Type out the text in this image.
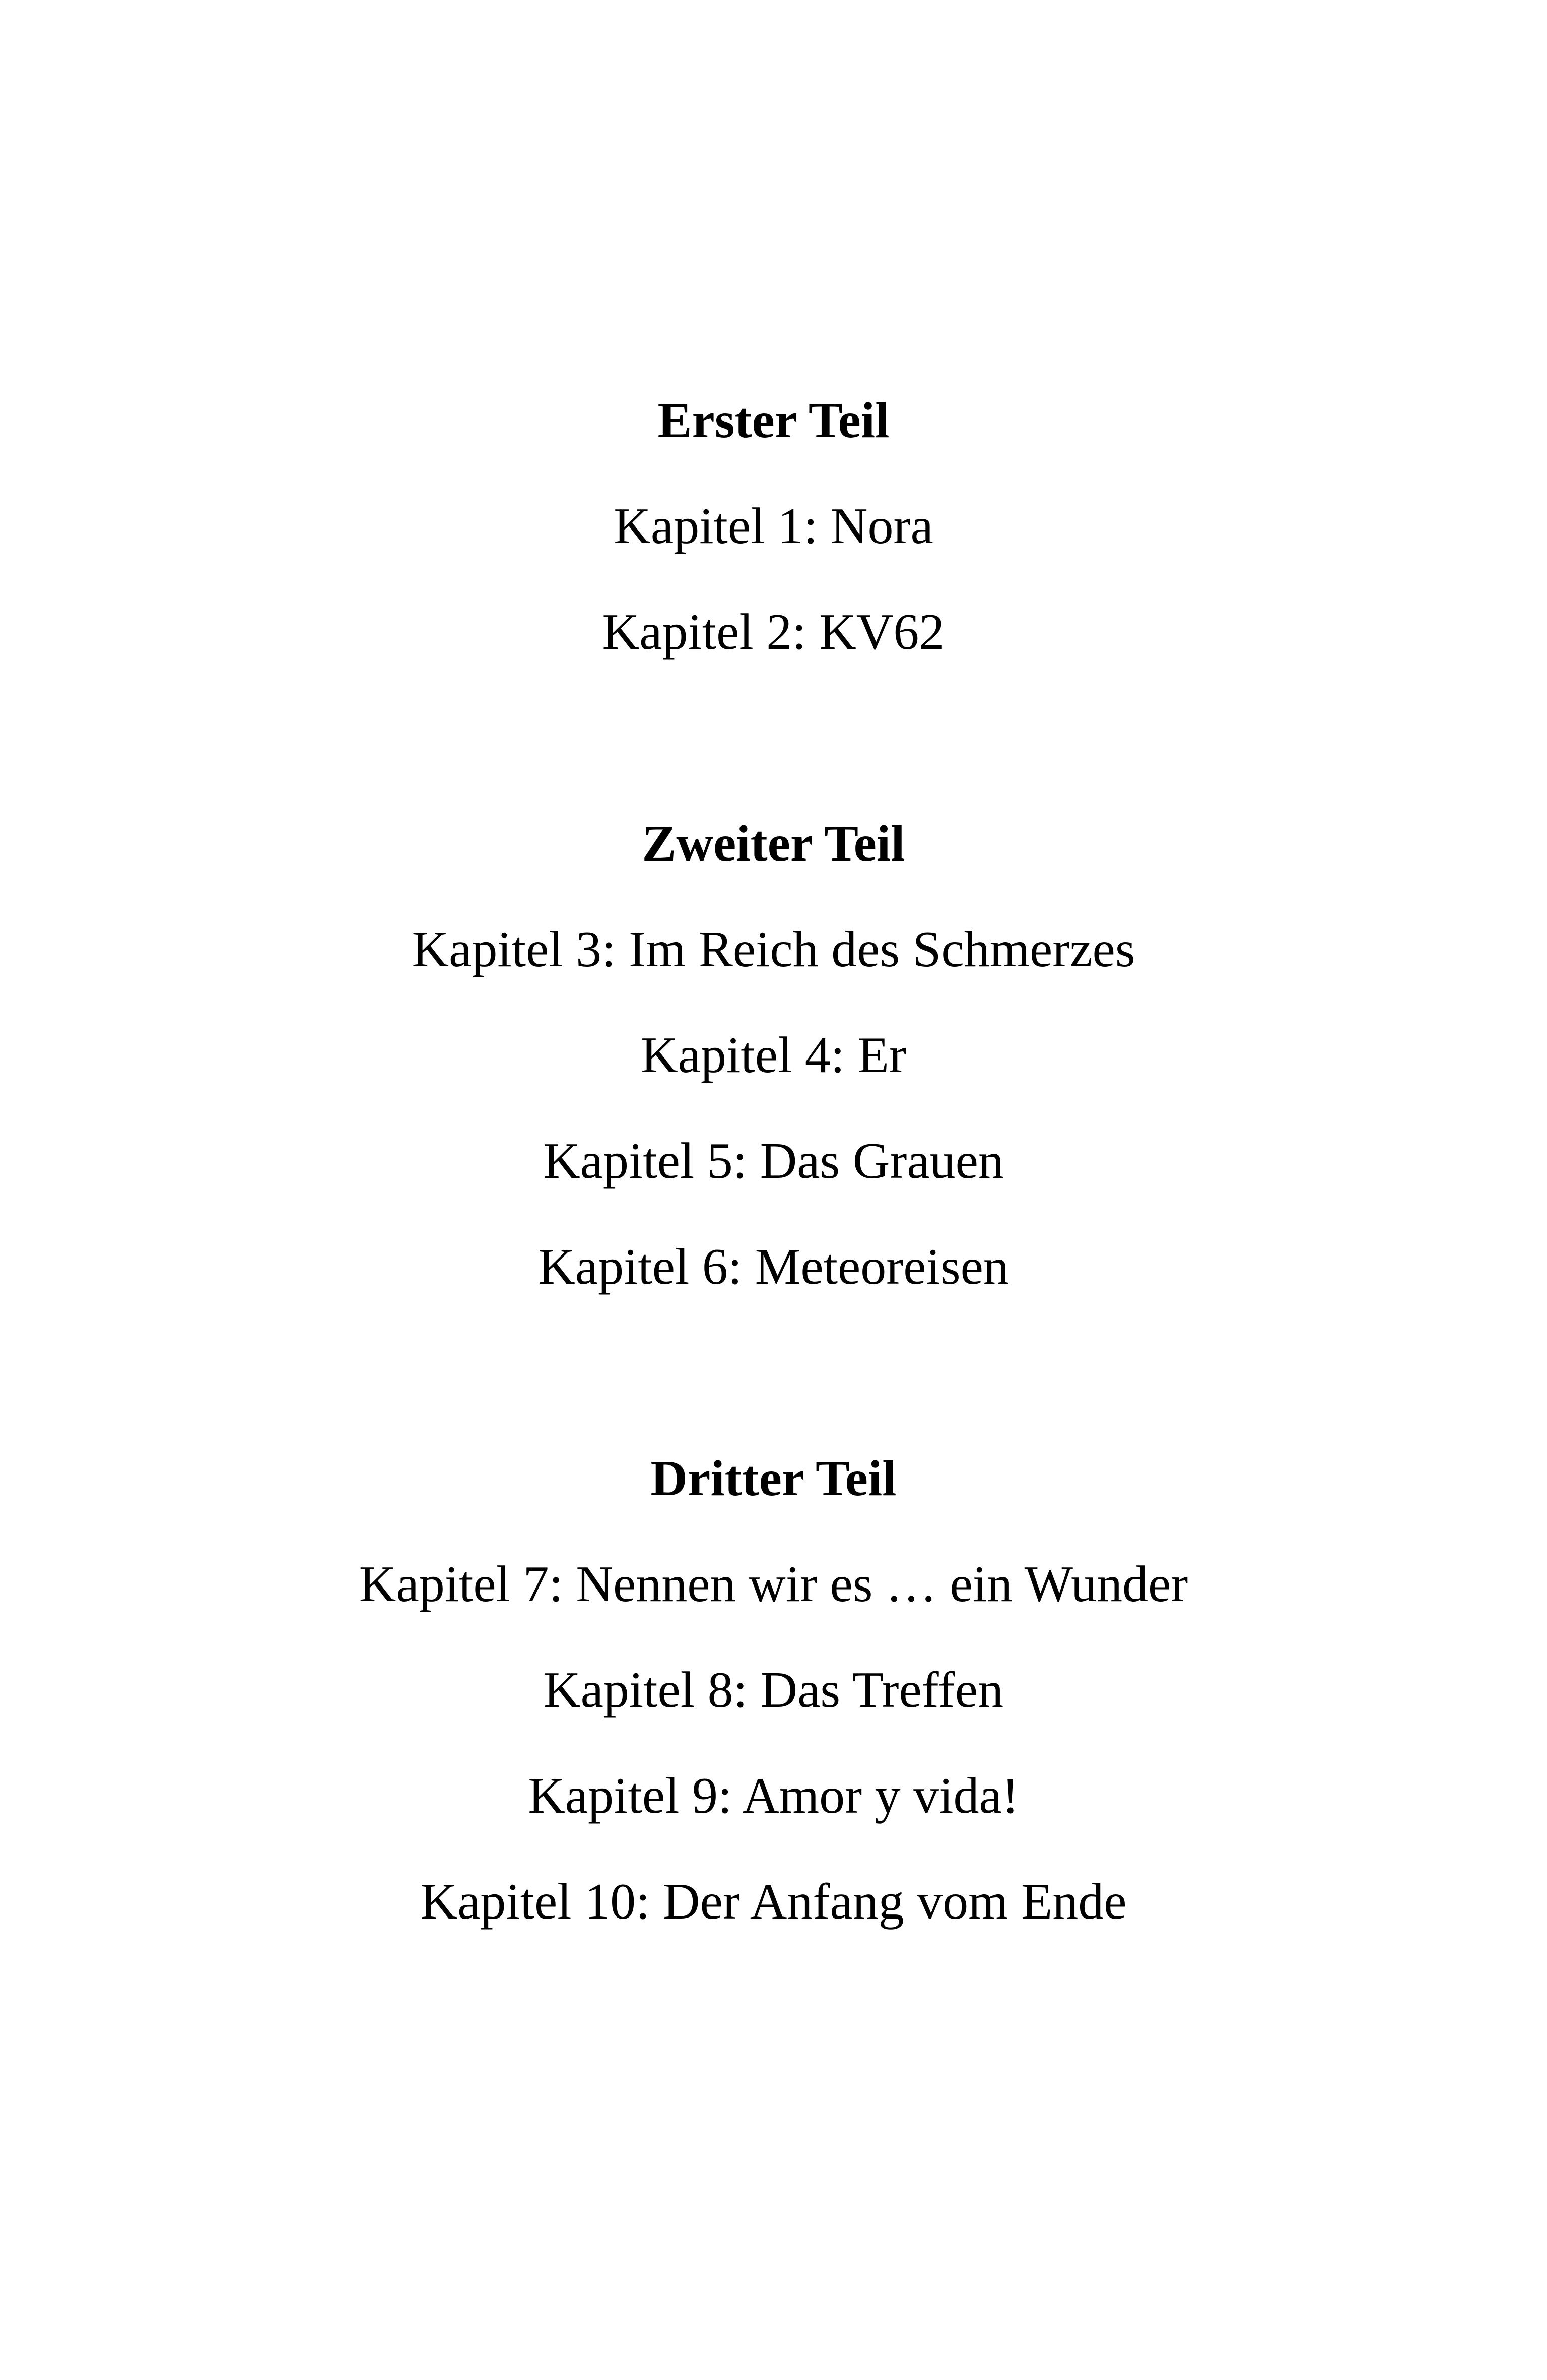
Erster Teil
Kapitel 1: Nora
Kapitel 2: KV62
Zweiter Teil
Kapitel 3: Im Reich des Schmerzes
Kapitel 4: Er
Kapitel 5: Das Grauen
Kapitel 6: Meteoreisen
Dritter Teil
Kapitel 7: Nennen wir es … ein Wunder
Kapitel 8: Das Treffen
Kapitel 9: Amor y vida!
Kapitel 10: Der Anfang vom Ende
